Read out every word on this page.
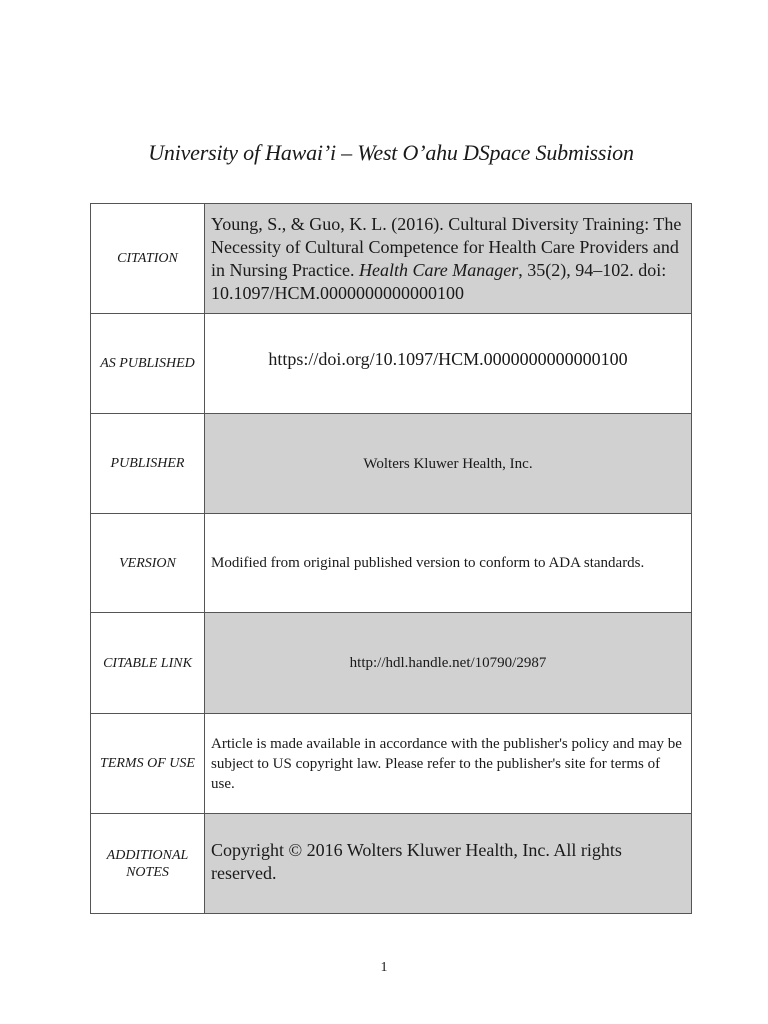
University of Hawai’i – West O’ahu DSpace Submission
CITATION	Young, S., & Guo, K. L. (2016). Cultural Diversity Training: The Necessity of Cultural Competence for Health Care Providers and in Nursing Practice. Health Care Manager, 35(2), 94–102. doi: 10.1097/HCM.0000000000000100
AS PUBLISHED	https://doi.org/10.1097/HCM.0000000000000100
PUBLISHER	Wolters Kluwer Health, Inc.
VERSION	Modified from original published version to conform to ADA standards.
CITABLE LINK	http://hdl.handle.net/10790/2987
TERMS OF USE	Article is made available in accordance with the publisher's policy and may be subject to US copyright law. Please refer to the publisher's site for terms of use.
ADDITIONAL NOTES	Copyright © 2016 Wolters Kluwer Health, Inc. All rights reserved.
1
